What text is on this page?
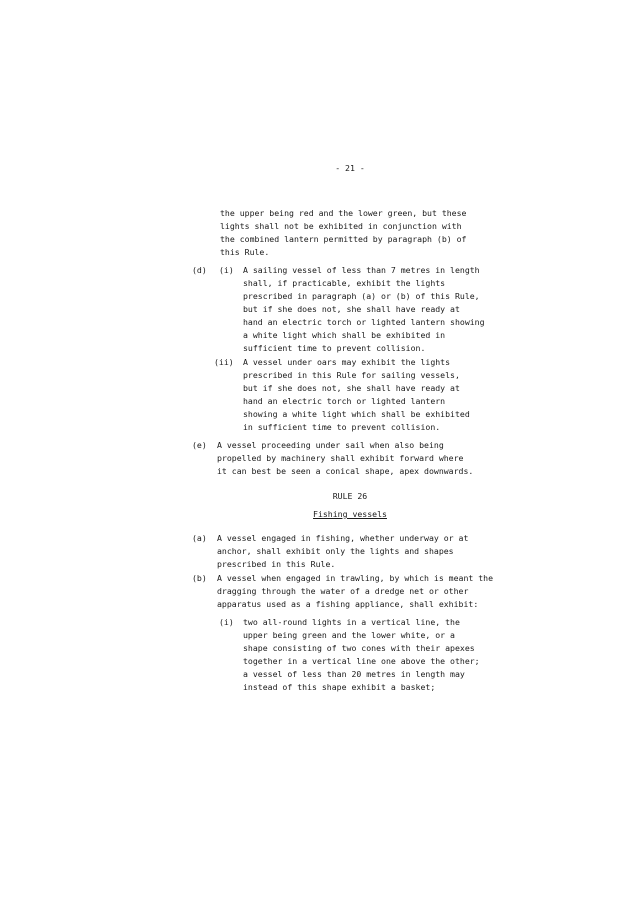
- 21 -
the upper being red and the lower green, but these
lights shall not be exhibited in conjunction with
the combined lantern permitted by paragraph (b) of
this Rule.
(d) (i) A sailing vessel of less than 7 metres in length
shall, if practicable, exhibit the lights
prescribed in paragraph (a) or (b) of this Rule,
but if she does not, she shall have ready at
hand an electric torch or lighted lantern showing
a white light which shall be exhibited in
sufficient time to prevent collision.
(ii) A vessel under oars may exhibit the lights
prescribed in this Rule for sailing vessels,
but if she does not, she shall have ready at
hand an electric torch or lighted lantern
showing a white light which shall be exhibited
in sufficient time to prevent collision.
(e) A vessel proceeding under sail when also being
propelled by machinery shall exhibit forward where
it can best be seen a conical shape, apex downwards.
RULE 26
Fishing vessels
(a) A vessel engaged in fishing, whether underway or at
anchor, shall exhibit only the lights and shapes
prescribed in this Rule.
(b) A vessel when engaged in trawling, by which is meant the
dragging through the water of a dredge net or other
apparatus used as a fishing appliance, shall exhibit:
(i) two all-round lights in a vertical line, the
upper being green and the lower white, or a
shape consisting of two cones with their apexes
together in a vertical line one above the other;
a vessel of less than 20 metres in length may
instead of this shape exhibit a basket;
